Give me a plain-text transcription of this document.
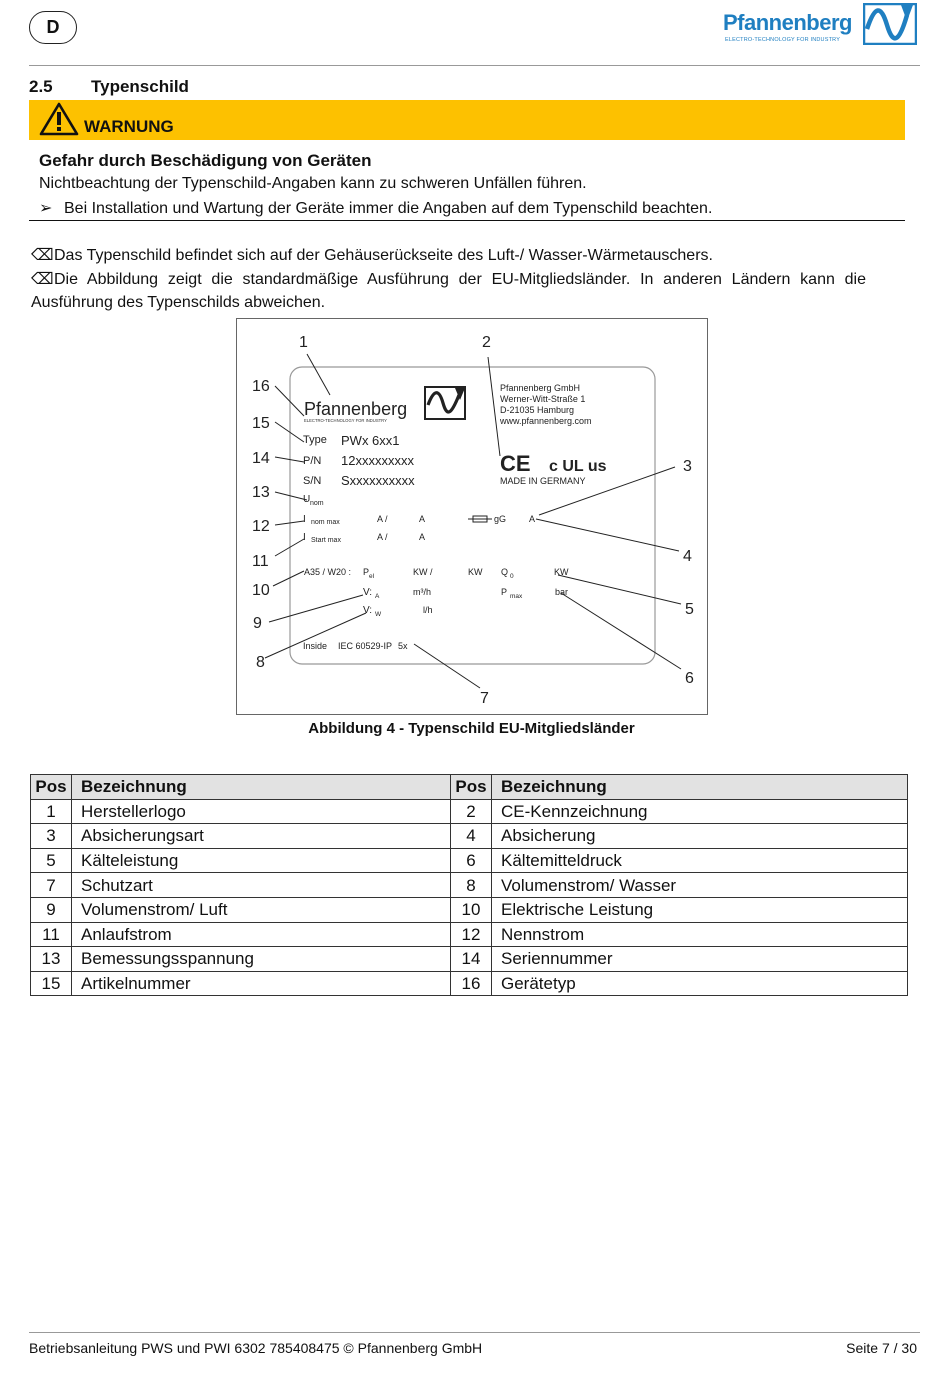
D	Pfannenberg
ELECTRO-TECHNOLOGY FOR INDUSTRY
2.5 Typenschild
WARNUNG
Gefahr durch Beschädigung von Geräten
Nichtbeachtung der Typenschild-Angaben kann zu schweren Unfällen führen.
➢ Bei Installation und Wartung der Geräte immer die Angaben auf dem Typenschild beachten.
⌫Das Typenschild befindet sich auf der Gehäuserückseite des Luft-/ Wasser-Wärmetauschers.
⌫Die Abbildung zeigt die standardmäßige Ausführung der EU-Mitgliedsländer. In anderen Ländern kann die Ausführung des Typenschilds abweichen.
Pfannenberg
ELECTRO-TECHNOLOGY FOR INDUSTRY
Pfannenberg GmbH
Werner-Witt-Straße 1
D-21035 Hamburg
www.pfannenberg.com
CE c UL us
MADE IN GERMANY
Type PWx 6xx1
P/N 12xxxxxxxxx
S/N Sxxxxxxxxxx
U nom
I nom max	A /	A	gG	A
I Start max	A /	A
A35 / W20 : P el	KW /	KW Q 0	KW
V: A	m³/h	P max	bar
V: W	l/h
Inside IEC 60529-IP 5x
1	2
3
4
5
6
7
8
9
10
11
12
13
14
15
16
Abbildung 4 - Typenschild EU-Mitgliedsländer
Pos	Bezeichnung	Pos	Bezeichnung
1	Herstellerlogo	2	CE-Kennzeichnung
3	Absicherungsart	4	Absicherung
5	Kälteleistung	6	Kältemitteldruck
7	Schutzart	8	Volumenstrom/ Wasser
9	Volumenstrom/ Luft	10	Elektrische Leistung
11	Anlaufstrom	12	Nennstrom
13	Bemessungsspannung	14	Seriennummer
15	Artikelnummer	16	Gerätetyp
Betriebsanleitung PWS und PWI 6302 785408475 © Pfannenberg GmbH	Seite 7 / 30
